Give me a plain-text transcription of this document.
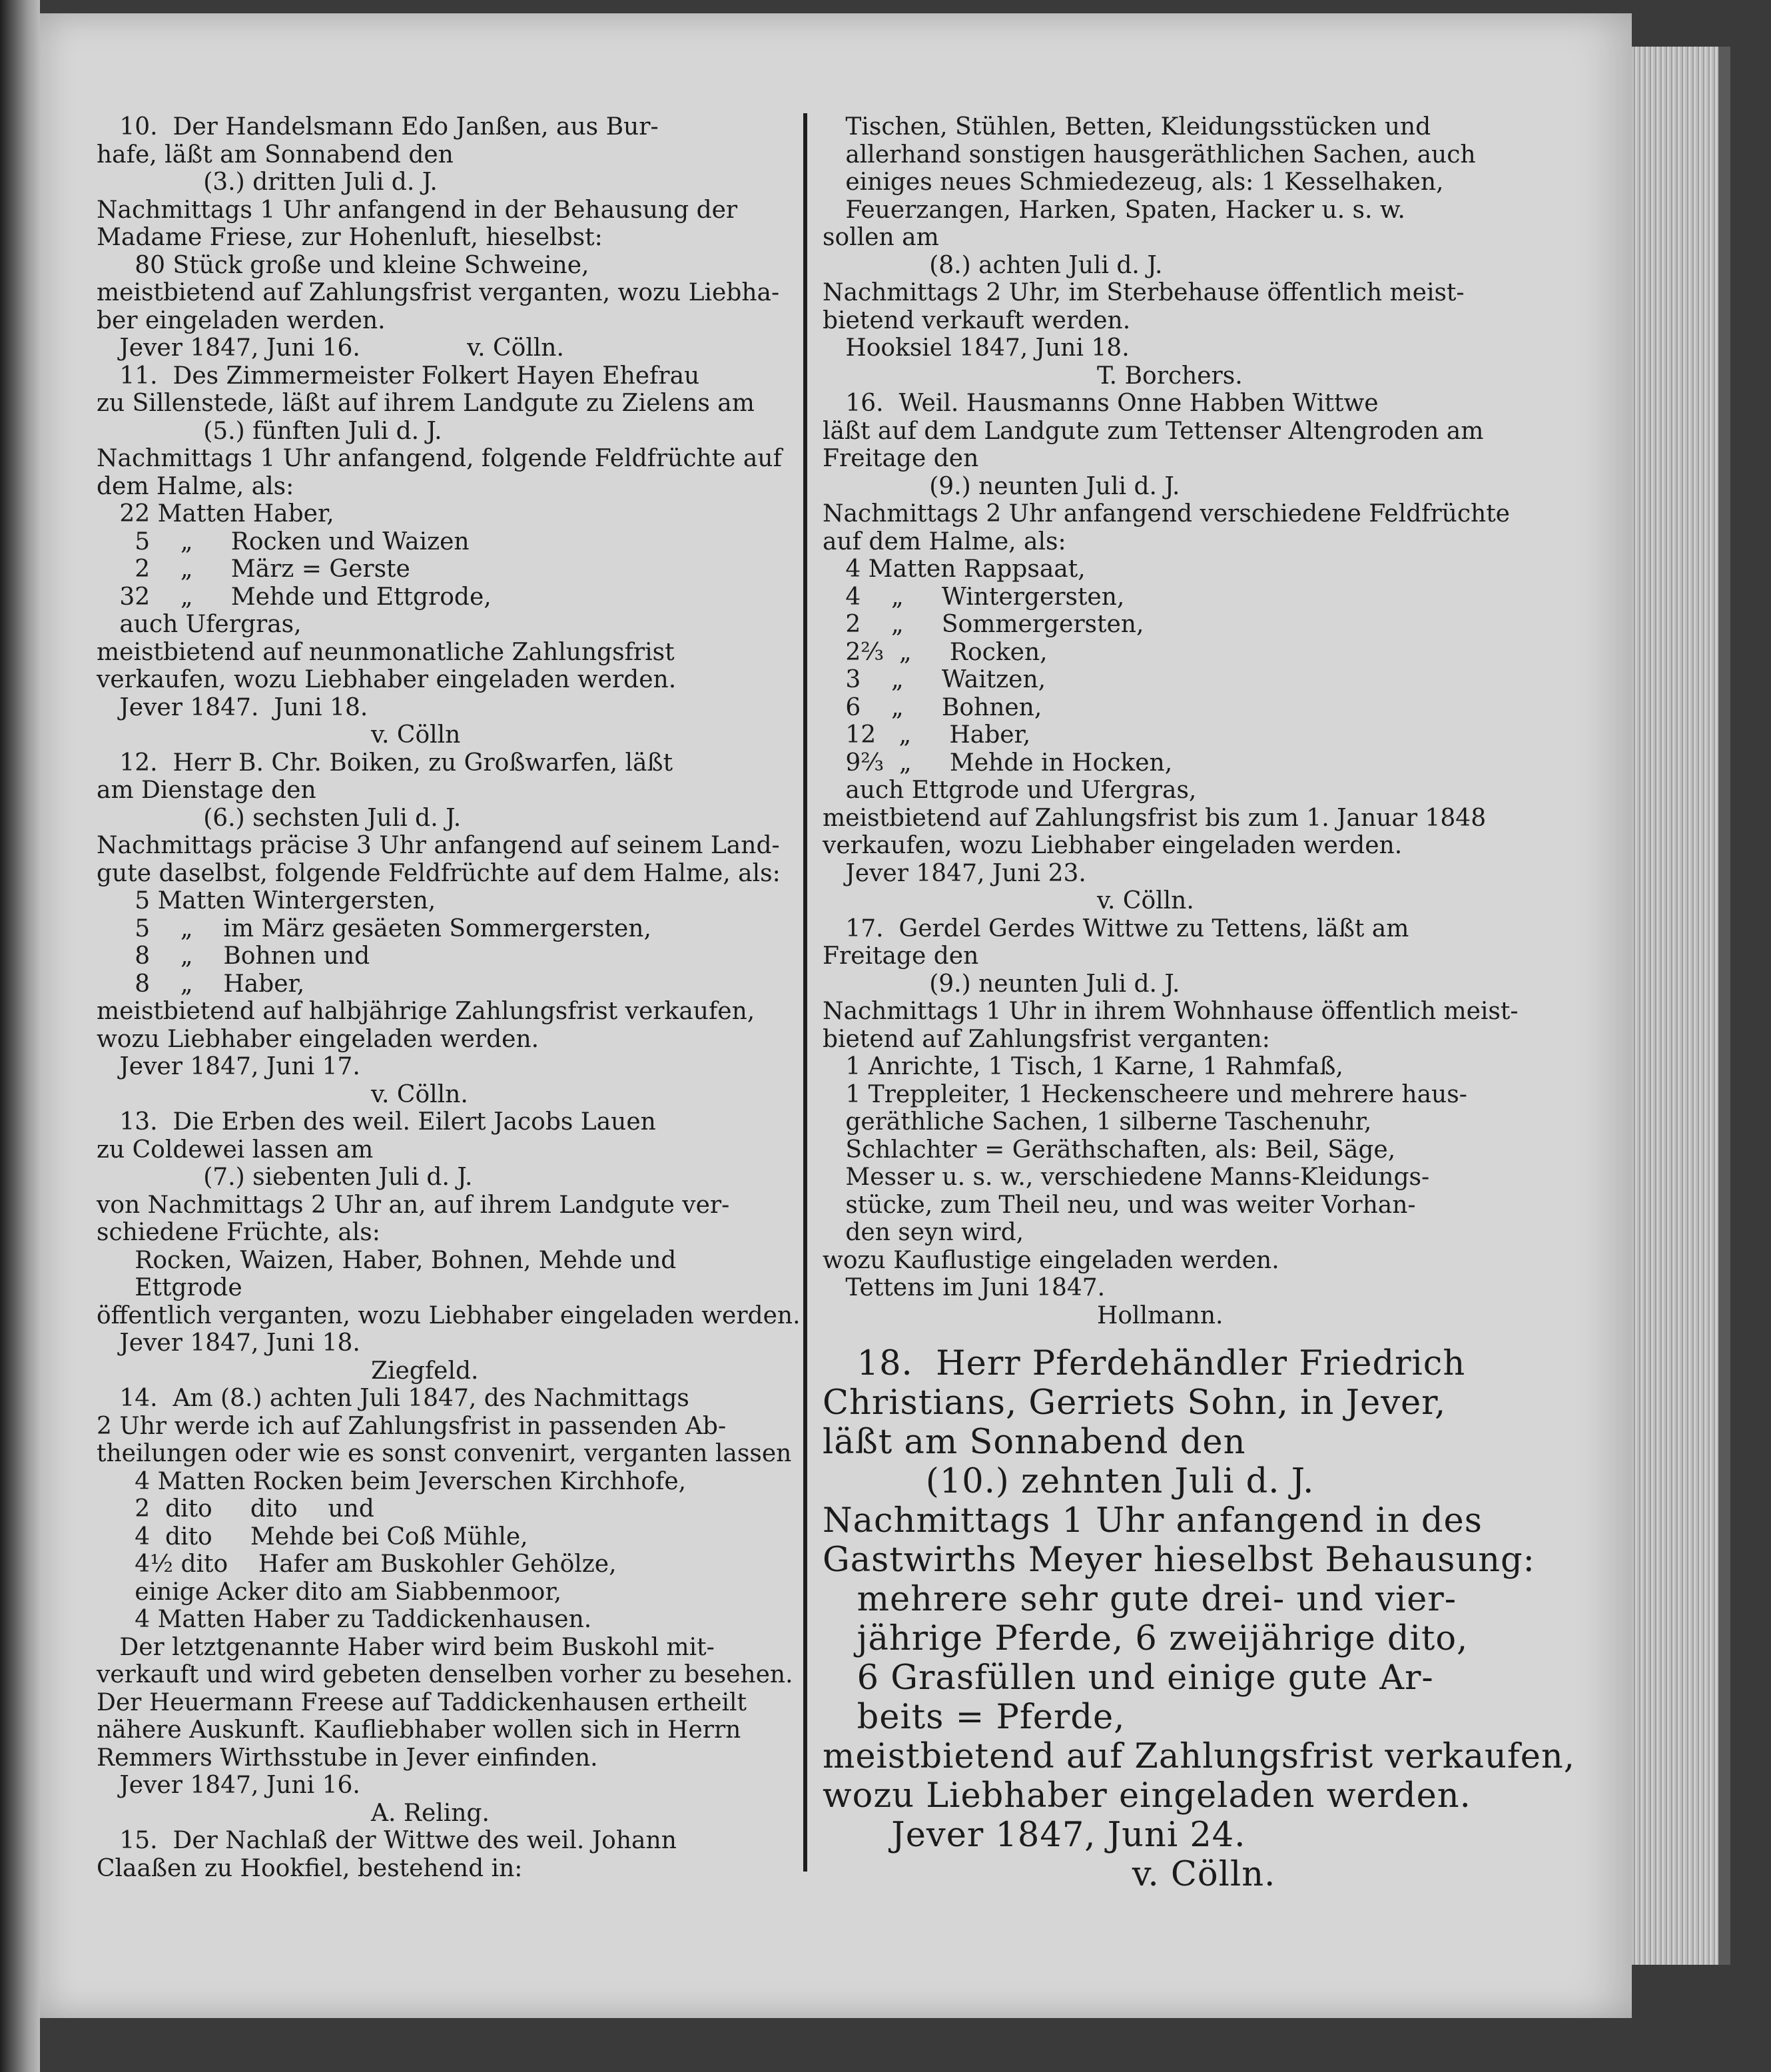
10.  Der Handelsmann Edo Janßen, aus Bur-
hafe, läßt am Sonnabend den
(3.) dritten Juli d. J.
Nachmittags 1 Uhr anfangend in der Behausung der
Madame Friese, zur Hohenluft, hieselbst:
80 Stück große und kleine Schweine,
meistbietend auf Zahlungsfrist verganten, wozu Liebha-
ber eingeladen werden.
Jever 1847, Juni 16.              v. Cölln.
11.  Des Zimmermeister Folkert Hayen Ehefrau
zu Sillenstede, läßt auf ihrem Landgute zu Zielens am
(5.) fünften Juli d. J.
Nachmittags 1 Uhr anfangend, folgende Feldfrüchte auf
dem Halme, als:
22 Matten Haber,
5    „     Rocken und Waizen
2    „     März = Gerste
32    „     Mehde und Ettgrode,
auch Ufergras,
meistbietend auf neunmonatliche Zahlungsfrist
verkaufen, wozu Liebhaber eingeladen werden.
Jever 1847.  Juni 18.
v. Cölln
12.  Herr B. Chr. Boiken, zu Großwarfen, läßt
am Dienstage den
(6.) sechsten Juli d. J.
Nachmittags präcise 3 Uhr anfangend auf seinem Land-
gute daselbst, folgende Feldfrüchte auf dem Halme, als:
5 Matten Wintergersten,
5    „    im März gesäeten Sommergersten,
8    „    Bohnen und
8    „    Haber,
meistbietend auf halbjährige Zahlungsfrist verkaufen,
wozu Liebhaber eingeladen werden.
Jever 1847, Juni 17.
v. Cölln.
13.  Die Erben des weil. Eilert Jacobs Lauen
zu Coldewei lassen am
(7.) siebenten Juli d. J.
von Nachmittags 2 Uhr an, auf ihrem Landgute ver-
schiedene Früchte, als:
Rocken, Waizen, Haber, Bohnen, Mehde und
Ettgrode
öffentlich verganten, wozu Liebhaber eingeladen werden.
Jever 1847, Juni 18.
Ziegfeld.
14.  Am (8.) achten Juli 1847, des Nachmittags
2 Uhr werde ich auf Zahlungsfrist in passenden Ab-
theilungen oder wie es sonst convenirt, verganten lassen
4 Matten Rocken beim Jeverschen Kirchhofe,
2  dito     dito    und
4  dito     Mehde bei Coß Mühle,
4½ dito    Hafer am Buskohler Gehölze,
einige Acker dito am Siabbenmoor,
4 Matten Haber zu Taddickenhausen.
Der letztgenannte Haber wird beim Buskohl mit-
verkauft und wird gebeten denselben vorher zu besehen.
Der Heuermann Freese auf Taddickenhausen ertheilt
nähere Auskunft. Kaufliebhaber wollen sich in Herrn
Remmers Wirthsstube in Jever einfinden.
Jever 1847, Juni 16.
A. Reling.
15.  Der Nachlaß der Wittwe des weil. Johann
Claaßen zu Hookfiel, bestehend in:
Tischen, Stühlen, Betten, Kleidungsstücken und
allerhand sonstigen hausgeräthlichen Sachen, auch
einiges neues Schmiedezeug, als: 1 Kesselhaken,
Feuerzangen, Harken, Spaten, Hacker u. s. w.
sollen am
(8.) achten Juli d. J.
Nachmittags 2 Uhr, im Sterbehause öffentlich meist-
bietend verkauft werden.
Hooksiel 1847, Juni 18.
T. Borchers.
16.  Weil. Hausmanns Onne Habben Wittwe
läßt auf dem Landgute zum Tettenser Altengroden am
Freitage den
(9.) neunten Juli d. J.
Nachmittags 2 Uhr anfangend verschiedene Feldfrüchte
auf dem Halme, als:
4 Matten Rappsaat,
4    „     Wintergersten,
2    „     Sommergersten,
2⅔  „     Rocken,
3    „     Waitzen,
6    „     Bohnen,
12   „     Haber,
9⅔  „     Mehde in Hocken,
auch Ettgrode und Ufergras,
meistbietend auf Zahlungsfrist bis zum 1. Januar 1848
verkaufen, wozu Liebhaber eingeladen werden.
Jever 1847, Juni 23.
v. Cölln.
17.  Gerdel Gerdes Wittwe zu Tettens, läßt am
Freitage den
(9.) neunten Juli d. J.
Nachmittags 1 Uhr in ihrem Wohnhause öffentlich meist-
bietend auf Zahlungsfrist verganten:
1 Anrichte, 1 Tisch, 1 Karne, 1 Rahmfaß,
1 Treppleiter, 1 Heckenscheere und mehrere haus-
geräthliche Sachen, 1 silberne Taschenuhr,
Schlachter = Geräthschaften, als: Beil, Säge,
Messer u. s. w., verschiedene Manns-Kleidungs-
stücke, zum Theil neu, und was weiter Vorhan-
den seyn wird,
wozu Kauflustige eingeladen werden.
Tettens im Juni 1847.
Hollmann.
18.  Herr Pferdehändler Friedrich
Christians, Gerriets Sohn, in Jever,
läßt am Sonnabend den
(10.) zehnten Juli d. J.
Nachmittags 1 Uhr anfangend in des
Gastwirths Meyer hieselbst Behausung:
mehrere sehr gute drei- und vier-
jährige Pferde, 6 zweijährige dito,
6 Grasfüllen und einige gute Ar-
beits = Pferde,
meistbietend auf Zahlungsfrist verkaufen,
wozu Liebhaber eingeladen werden.
Jever 1847, Juni 24.
v. Cölln.
